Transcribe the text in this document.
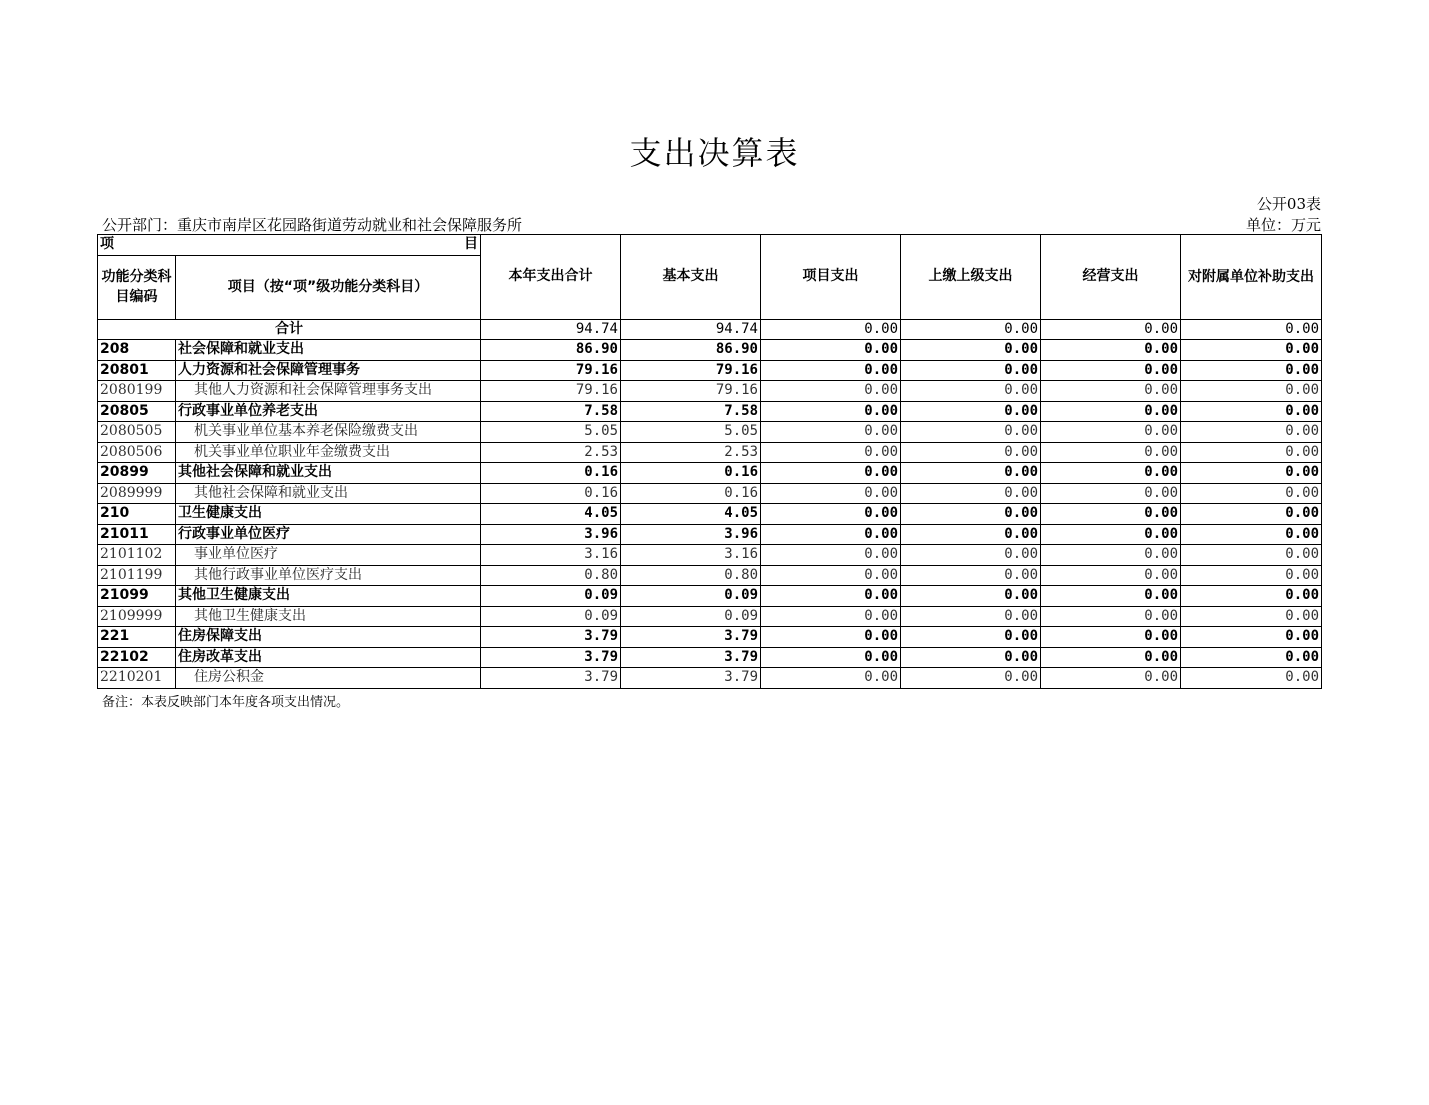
支出决算表
公开03表
公开部门：重庆市南岸区花园路街道劳动就业和社会保障服务所	单位：万元
项 目		本年支出合计	基本支出	项目支出	上缴上级支出	经营支出	对附属单位补助支出
功能分类科目编码	项目（按“项”级功能分类科目）						
合计		94.74	94.74	0.00	0.00	0.00	0.00
208	社会保障和就业支出	86.90	86.90	0.00	0.00	0.00	0.00
20801	人力资源和社会保障管理事务	79.16	79.16	0.00	0.00	0.00	0.00
2080199	其他人力资源和社会保障管理事务支出	79.16	79.16	0.00	0.00	0.00	0.00
20805	行政事业单位养老支出	7.58	7.58	0.00	0.00	0.00	0.00
2080505	机关事业单位基本养老保险缴费支出	5.05	5.05	0.00	0.00	0.00	0.00
2080506	机关事业单位职业年金缴费支出	2.53	2.53	0.00	0.00	0.00	0.00
20899	其他社会保障和就业支出	0.16	0.16	0.00	0.00	0.00	0.00
2089999	其他社会保障和就业支出	0.16	0.16	0.00	0.00	0.00	0.00
210	卫生健康支出	4.05	4.05	0.00	0.00	0.00	0.00
21011	行政事业单位医疗	3.96	3.96	0.00	0.00	0.00	0.00
2101102	事业单位医疗	3.16	3.16	0.00	0.00	0.00	0.00
2101199	其他行政事业单位医疗支出	0.80	0.80	0.00	0.00	0.00	0.00
21099	其他卫生健康支出	0.09	0.09	0.00	0.00	0.00	0.00
2109999	其他卫生健康支出	0.09	0.09	0.00	0.00	0.00	0.00
221	住房保障支出	3.79	3.79	0.00	0.00	0.00	0.00
22102	住房改革支出	3.79	3.79	0.00	0.00	0.00	0.00
2210201	住房公积金	3.79	3.79	0.00	0.00	0.00	0.00
备注：本表反映部门本年度各项支出情况。
